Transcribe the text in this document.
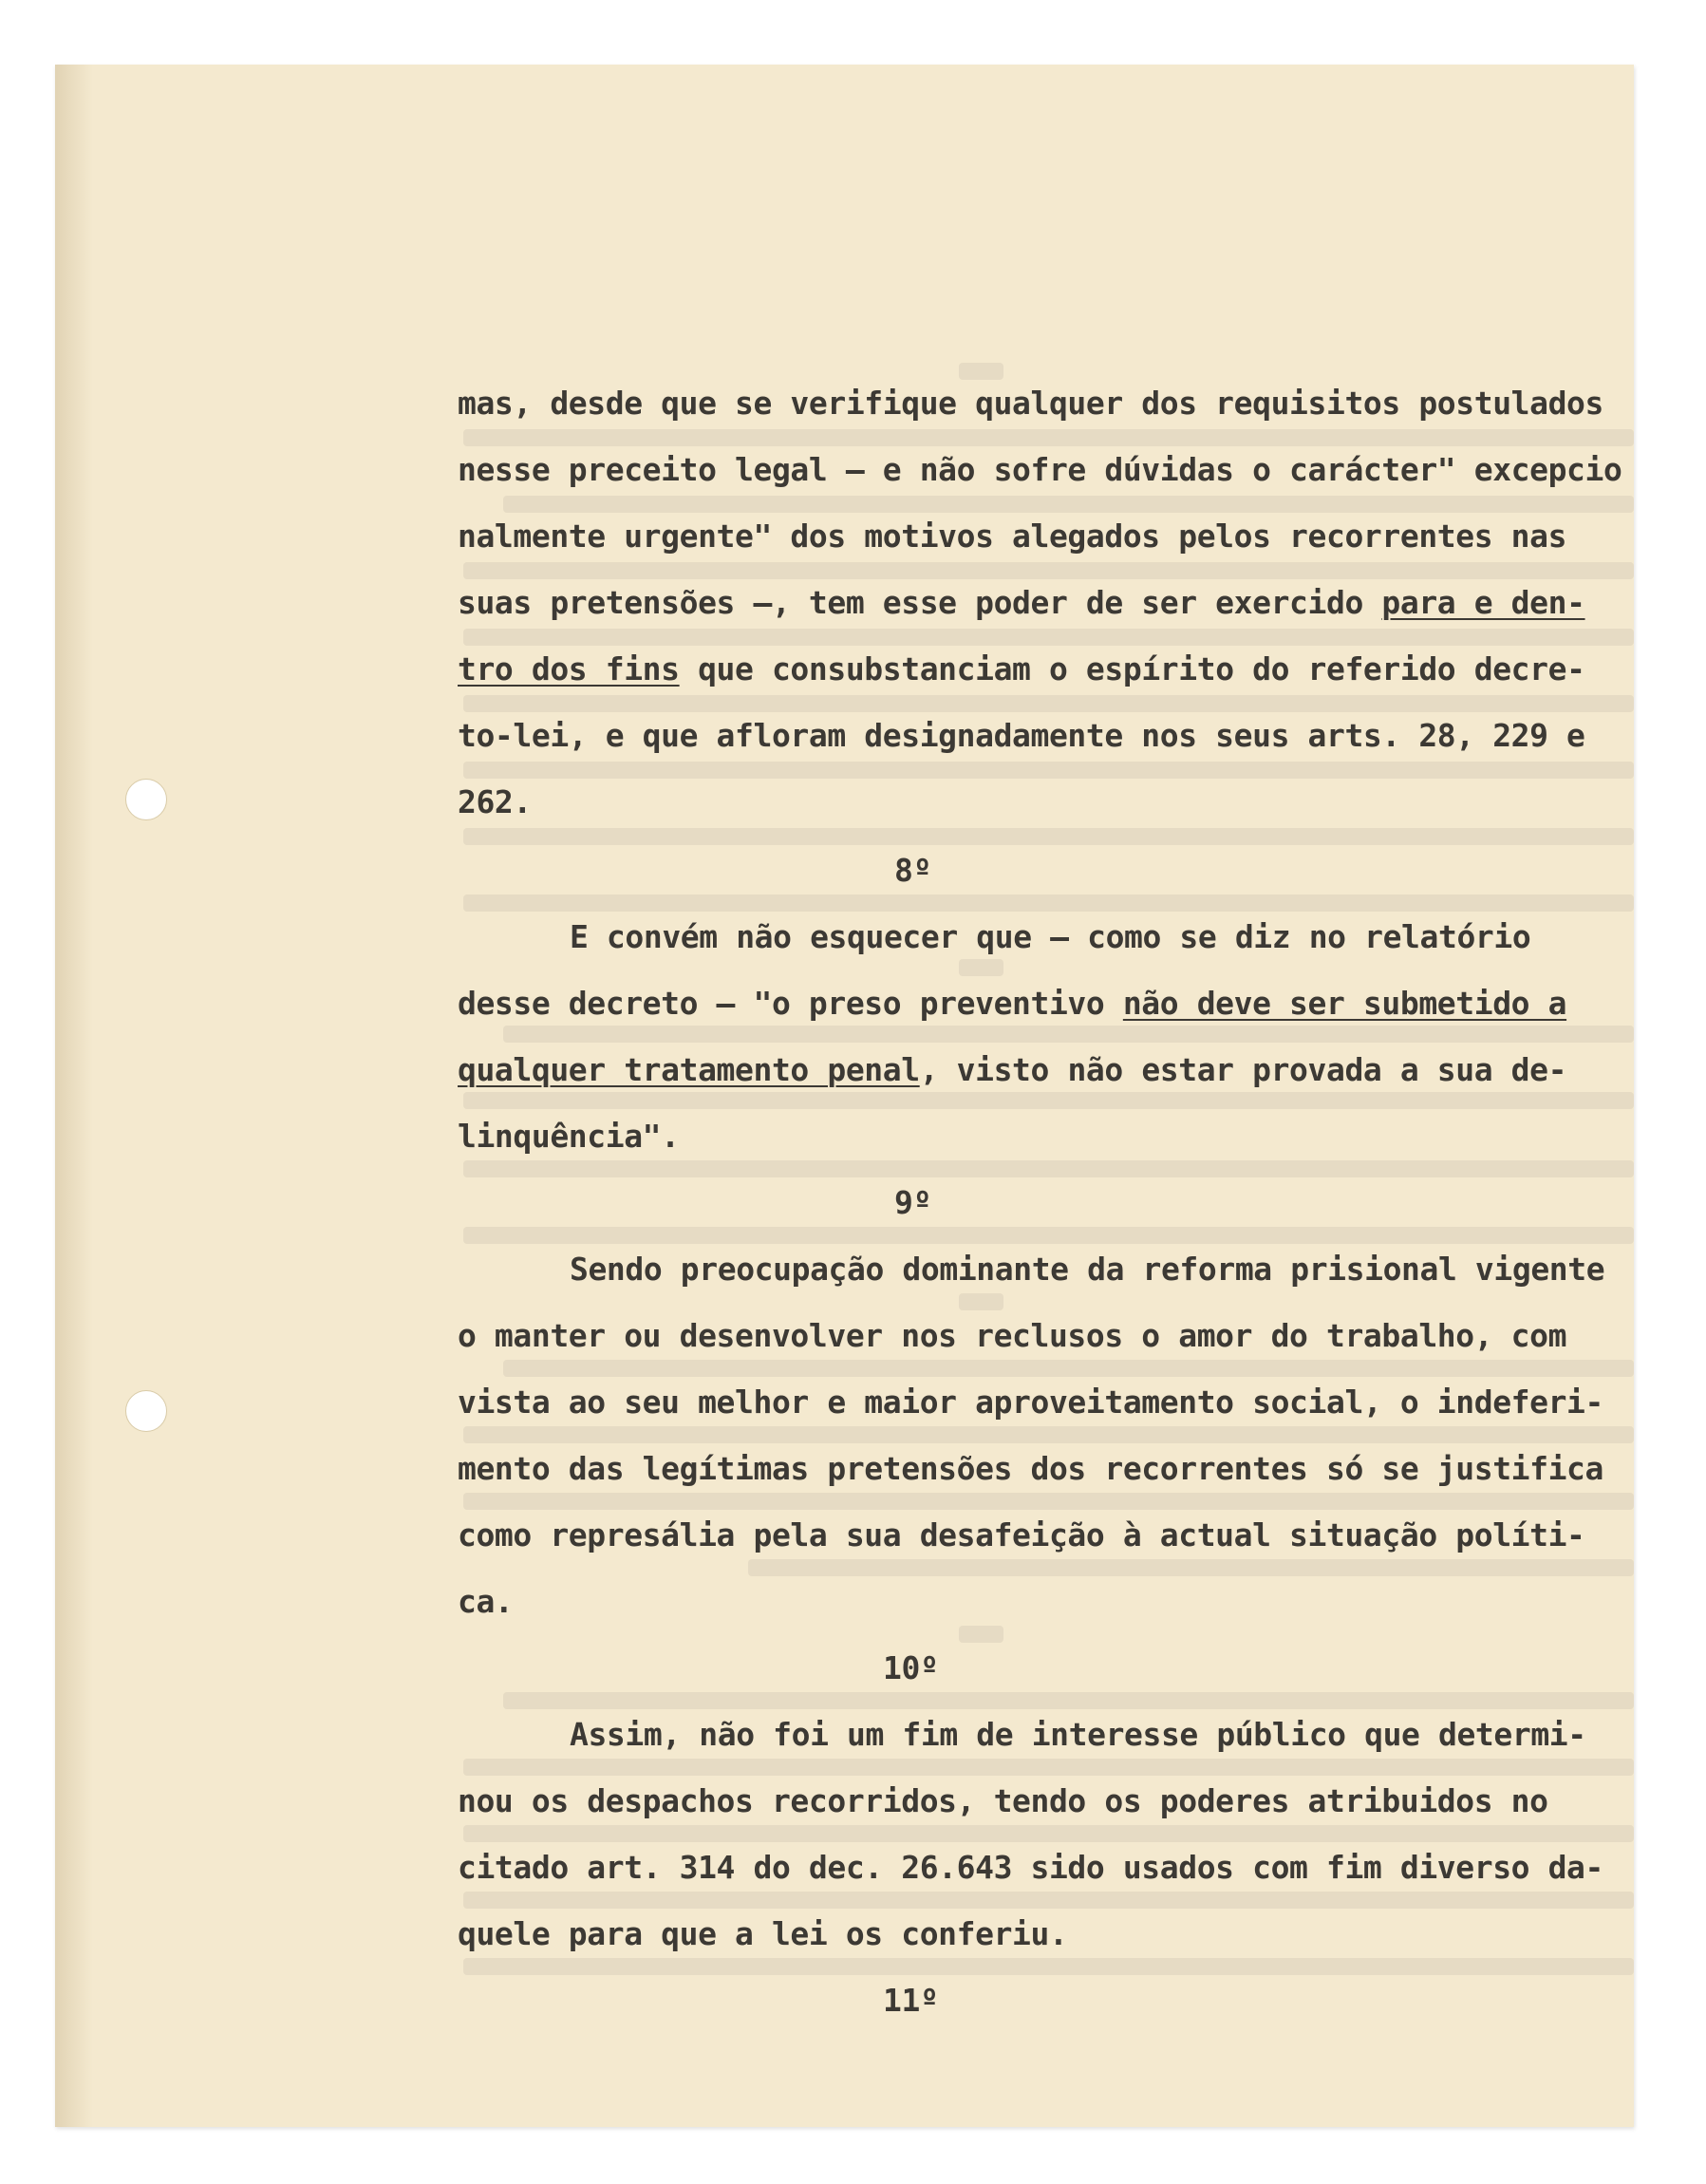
mas, desde que se verifique qualquer dos requisitos postulados
nesse preceito legal — e não sofre dúvidas o carácter" excepcio
nalmente urgente" dos motivos alegados pelos recorrentes nas
suas pretensões —, tem esse poder de ser exercido para e den-
tro dos fins que consubstanciam o espírito do referido decre-
to-lei, e que afloram designadamente nos seus arts. 28, 229 e
262.
8º
E convém não esquecer que — como se diz no relatório
desse decreto — "o preso preventivo não deve ser submetido a
qualquer tratamento penal, visto não estar provada a sua de-
linquência".
9º
Sendo preocupação dominante da reforma prisional vigente
o manter ou desenvolver nos reclusos o amor do trabalho, com
vista ao seu melhor e maior aproveitamento social, o indeferi-
mento das legítimas pretensões dos recorrentes só se justifica
como represália pela sua desafeição à actual situação políti-
ca.
10º
Assim, não foi um fim de interesse público que determi-
nou os despachos recorridos, tendo os poderes atribuidos no
citado art. 314 do dec. 26.643 sido usados com fim diverso da-
quele para que a lei os conferiu.
11º
